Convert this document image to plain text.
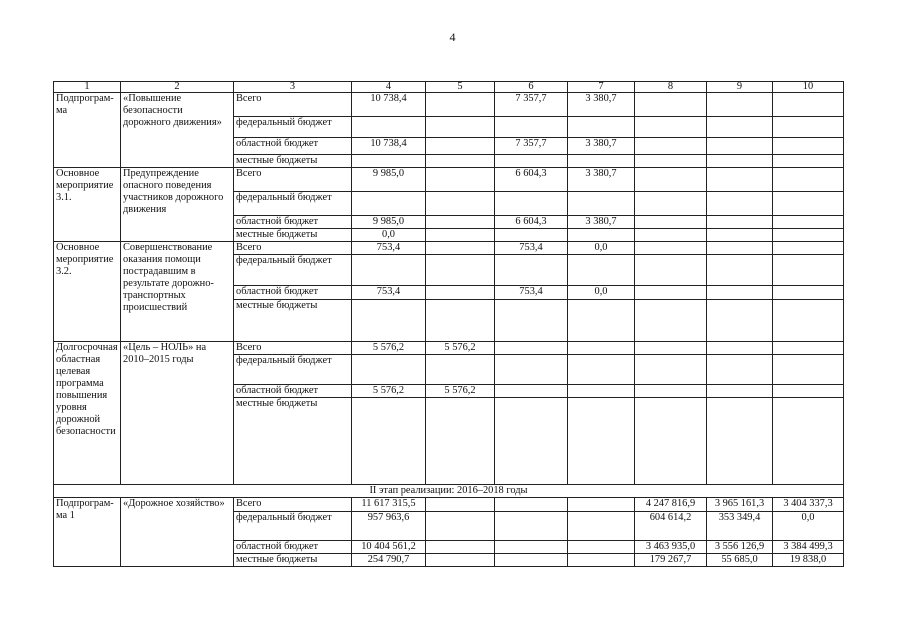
4
1	2	3	4	5	6	7	8	9	10
Подпрограм-ма	«Повышение безопасности дорожного движения»	Всего	10 738,4		7 357,7	3 380,7			
		федеральный бюджет							
		областной бюджет	10 738,4		7 357,7	3 380,7			
		местные бюджеты							
Основное мероприятие 3.1.	Предупреждение опасного поведения участников дорожного движения	Всего	9 985,0		6 604,3	3 380,7			
		федеральный бюджет							
		областной бюджет	9 985,0		6 604,3	3 380,7			
		местные бюджеты	0,0						
Основное мероприятие 3.2.	Совершенствование оказания помощи пострадавшим в результате дорожно-транспортных происшествий	Всего	753,4		753,4	0,0			
		федеральный бюджет							
		областной бюджет	753,4		753,4	0,0			
		местные бюджеты							
Долгосрочная областная целевая программа повышения уровня дорожной безопасности	«Цель – НОЛЬ» на 2010–2015 годы	Всего	5 576,2	5 576,2					
		федеральный бюджет							
		областной бюджет	5 576,2	5 576,2					
		местные бюджеты							
II этап реализации: 2016–2018 годы									
Подпрограм-ма 1	«Дорожное хозяйство»	Всего	11 617 315,5				4 247 816,9	3 965 161,3	3 404 337,3
		федеральный бюджет	957 963,6				604 614,2	353 349,4	0,0
		областной бюджет	10 404 561,2				3 463 935,0	3 556 126,9	3 384 499,3
		местные бюджеты	254 790,7				179 267,7	55 685,0	19 838,0
